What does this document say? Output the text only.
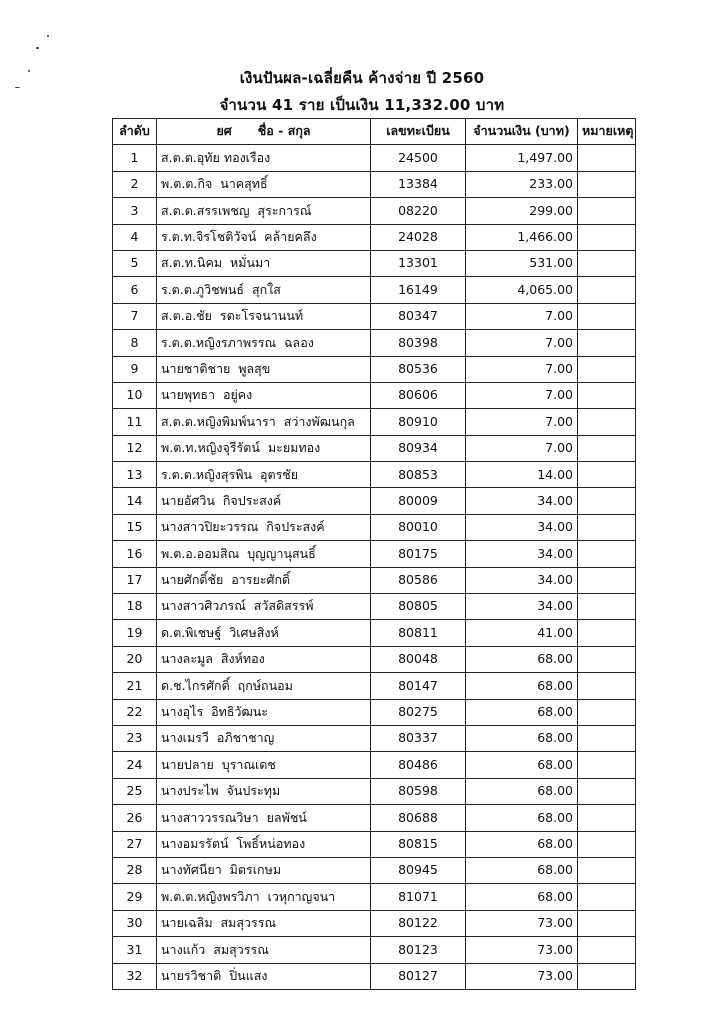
เงินปันผล-เฉลี่ยคืน ค้างจ่าย ปี 2560
จำนวน 41 ราย เป็นเงิน 11,332.00 บาท
ลำดับ	ยศ      ชื่อ - สกุล	เลขทะเบียน	จำนวนเงิน (บาท)	หมายเหตุ
1	ส.ต.ต.อุทัย ทองเรือง	24500	1,497.00	
2	พ.ต.ต.กิจ  นาคสุทธิ์	13384	233.00	
3	ส.ต.ต.สรรเพชญ  สุระการณ์	08220	299.00	
4	ร.ต.ท.จิรโชติวัจน์  คล้ายคลึง	24028	1,466.00	
5	ส.ต.ท.นิคม  หมั่นมา	13301	531.00	
6	ร.ต.ต.ภูวิชพนธ์  สุกใส	16149	4,065.00	
7	ส.ต.อ.ชัย  รตะโรจนานนท์	80347	7.00	
8	ร.ต.ต.หญิงรภาพรรณ  ฉลอง	80398	7.00	
9	นายชาติชาย  พูลสุข	80536	7.00	
10	นายพุทธา  อยู่คง	80606	7.00	
11	ส.ต.ต.หญิงพิมพ์นารา  สว่างพัฒนกุล	80910	7.00	
12	พ.ต.ท.หญิงจุรีรัตน์  มะยมทอง	80934	7.00	
13	ร.ต.ต.หญิงสุรพิน  อุตรชัย	80853	14.00	
14	นายอัศวิน  กิจประสงค์	80009	34.00	
15	นางสาวปิยะวรรณ  กิจประสงค์	80010	34.00	
16	พ.ต.อ.ออมสิณ  บุญญานุสนธิ์	80175	34.00	
17	นายศักดิ์ชัย  อารยะศักดิ์	80586	34.00	
18	นางสาวศิวภรณ์  สวัสดิสรรพ์	80805	34.00	
19	ด.ต.พิเชษฐ์  วิเศษสิงห์	80811	41.00	
20	นางละมูล  สิงห์ทอง	80048	68.00	
21	ด.ช.ไกรศักดิ์  ฤกษ์ถนอม	80147	68.00	
22	นางอุไร  อิทธิวัฒนะ	80275	68.00	
23	นางเมรวี  อภิชาชาญ	80337	68.00	
24	นายปลาย  บุราณเดช	80486	68.00	
25	นางประไพ  จันประทุม	80598	68.00	
26	นางสาววรรณวิษา  ยลพัชน์	80688	68.00	
27	นางอมรรัตน์  โพธิ์หน่อทอง	80815	68.00	
28	นางทัศนียา  มิตรเกษม	80945	68.00	
29	พ.ต.ต.หญิงพรวิภา  เวหุกาญจนา	81071	68.00	
30	นายเฉลิม  สมสุวรรณ	80122	73.00	
31	นางแก้ว  สมสุวรรณ	80123	73.00	
32	นายรวิชาติ  ปิ่นแสง	80127	73.00	
